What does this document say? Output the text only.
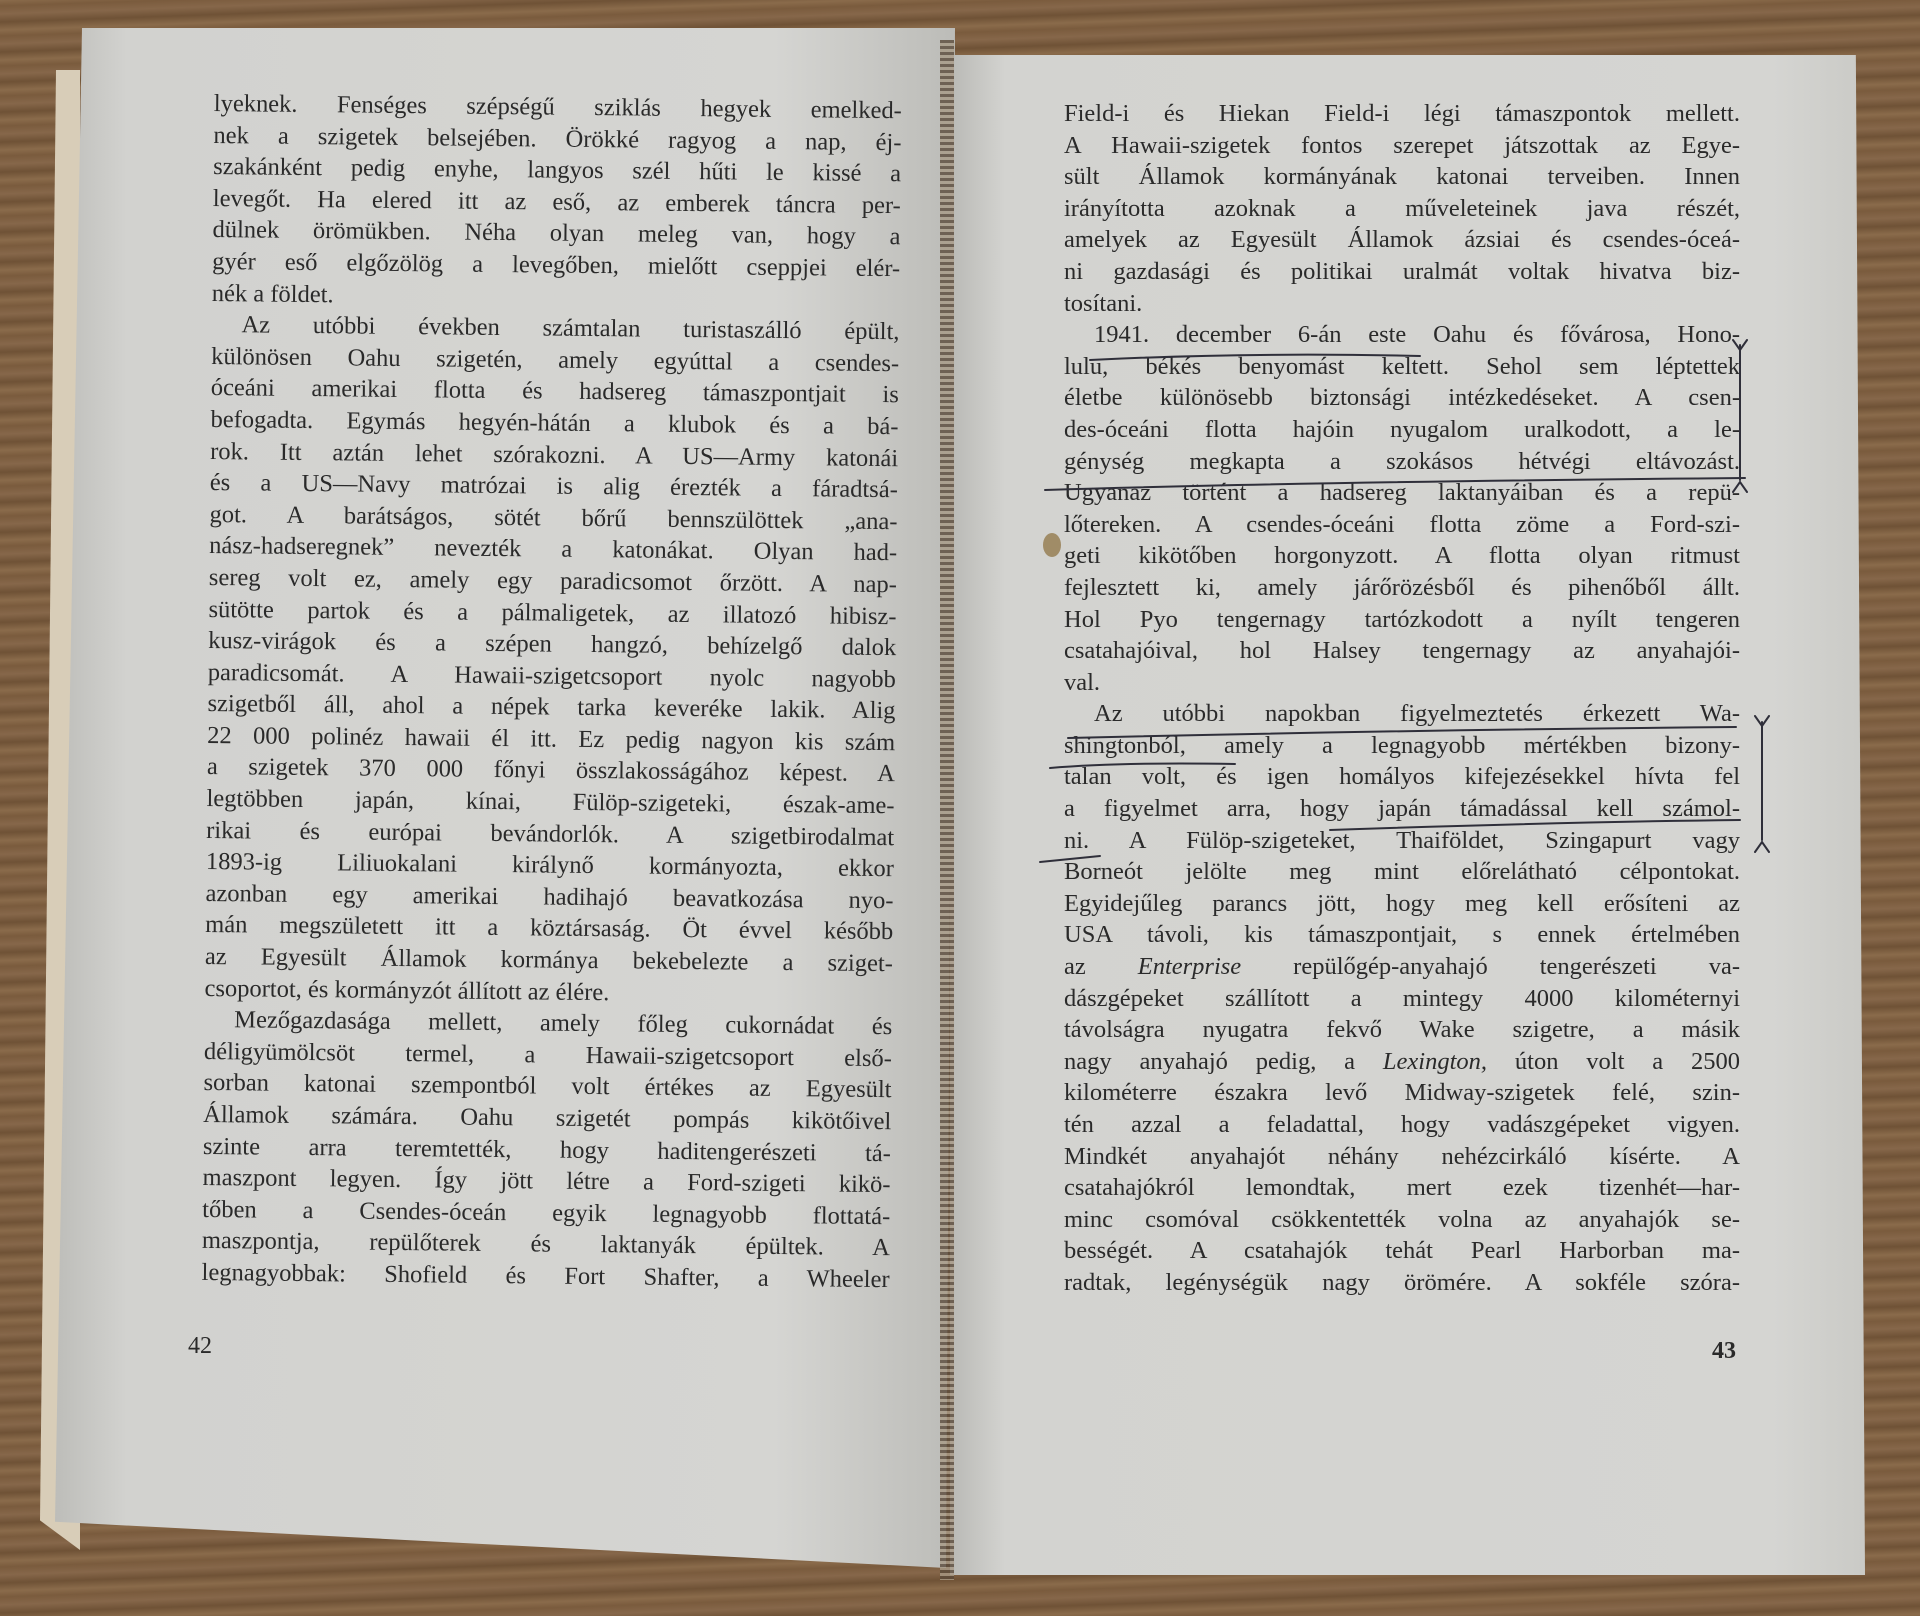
lyeknek. Fenséges szépségű sziklás hegyek emelked-
nek a szigetek belsejében. Örökké ragyog a nap, éj-
szakánként pedig enyhe, langyos szél hűti le kissé a
levegőt. Ha elered itt az eső, az emberek táncra per-
dülnek örömükben. Néha olyan meleg van, hogy a
gyér eső elgőzölög a levegőben, mielőtt cseppjei elér-
nék a földet.
Az utóbbi években számtalan turistaszálló épült,
különösen Oahu szigetén, amely egyúttal a csendes-
óceáni amerikai flotta és hadsereg támaszpontjait is
befogadta. Egymás hegyén-hátán a klubok és a bá-
rok. Itt aztán lehet szórakozni. A US—Army katonái
és a US—Navy matrózai is alig érezték a fáradtsá-
got. A barátságos, sötét bőrű bennszülöttek „ana-
nász-hadseregnek” nevezték a katonákat. Olyan had-
sereg volt ez, amely egy paradicsomot őrzött. A nap-
sütötte partok és a pálmaligetek, az illatozó hibisz-
kusz-virágok és a szépen hangzó, behízelgő dalok
paradicsomát. A Hawaii-szigetcsoport nyolc nagyobb
szigetből áll, ahol a népek tarka keveréke lakik. Alig
22 000 polinéz hawaii él itt. Ez pedig nagyon kis szám
a szigetek 370 000 főnyi összlakosságához képest. A
legtöbben japán, kínai, Fülöp-szigeteki, észak-ame-
rikai és európai bevándorlók. A szigetbirodalmat
1893-ig Liliuokalani királynő kormányozta, ekkor
azonban egy amerikai hadihajó beavatkozása nyo-
mán megszületett itt a köztársaság. Öt évvel később
az Egyesült Államok kormánya bekebelezte a sziget-
csoportot, és kormányzót állított az élére.
Mezőgazdasága mellett, amely főleg cukornádat és
déligyümölcsöt termel, a Hawaii-szigetcsoport első-
sorban katonai szempontból volt értékes az Egyesült
Államok számára. Oahu szigetét pompás kikötőivel
szinte arra teremtették, hogy haditengerészeti tá-
maszpont legyen. Így jött létre a Ford-szigeti kikö-
tőben a Csendes-óceán egyik legnagyobb flottatá-
maszpontja, repülőterek és laktanyák épültek. A
legnagyobbak: Shofield és Fort Shafter, a Wheeler
Field-i és Hiekan Field-i légi támaszpontok mellett.
A Hawaii-szigetek fontos szerepet játszottak az Egye-
sült Államok kormányának katonai terveiben. Innen
irányította azoknak a műveleteinek java részét,
amelyek az Egyesült Államok ázsiai és csendes-óceá-
ni gazdasági és politikai uralmát voltak hivatva biz-
tosítani.
1941. december 6-án este Oahu és fővárosa, Hono-
lulu, békés benyomást keltett. Sehol sem léptettek
életbe különösebb biztonsági intézkedéseket. A csen-
des-óceáni flotta hajóin nyugalom uralkodott, a le-
génység megkapta a szokásos hétvégi eltávozást.
Ugyanaz történt a hadsereg laktanyáiban és a repü-
lőtereken. A csendes-óceáni flotta zöme a Ford-szi-
geti kikötőben horgonyzott. A flotta olyan ritmust
fejlesztett ki, amely járőrözésből és pihenőből állt.
Hol Pyo tengernagy tartózkodott a nyílt tengeren
csatahajóival, hol Halsey tengernagy az anyahajói-
val.
Az utóbbi napokban figyelmeztetés érkezett Wa-
shingtonból, amely a legnagyobb mértékben bizony-
talan volt, és igen homályos kifejezésekkel hívta fel
a figyelmet arra, hogy japán támadással kell számol-
ni. A Fülöp-szigeteket, Thaiföldet, Szingapurt vagy
Borneót jelölte meg mint előrelátható célpontokat.
Egyidejűleg parancs jött, hogy meg kell erősíteni az
USA távoli, kis támaszpontjait, s ennek értelmében
az Enterprise repülőgép-anyahajó tengerészeti va-
dászgépeket szállított a mintegy 4000 kilométernyi
távolságra nyugatra fekvő Wake szigetre, a másik
nagy anyahajó pedig, a Lexington, úton volt a 2500
kilométerre északra levő Midway-szigetek felé, szin-
tén azzal a feladattal, hogy vadászgépeket vigyen.
Mindkét anyahajót néhány nehézcirkáló kísérte. A
csatahajókról lemondtak, mert ezek tizenhét—har-
minc csomóval csökkentették volna az anyahajók se-
bességét. A csatahajók tehát Pearl Harborban ma-
radtak, legénységük nagy örömére. A sokféle szóra-
42	43
